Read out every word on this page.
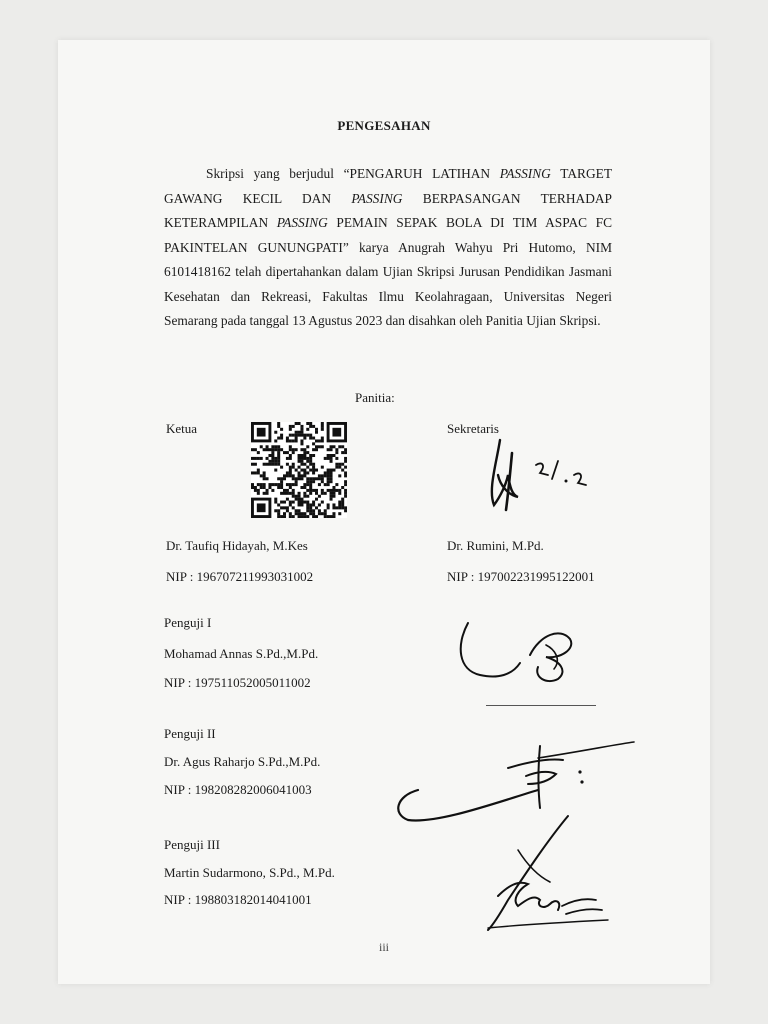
PENGESAHAN
Skripsi yang berjudul “PENGARUH LATIHAN PASSING TARGET GAWANG KECIL DAN PASSING BERPASANGAN TERHADAP KETERAMPILAN PASSING PEMAIN SEPAK BOLA DI TIM ASPAC FC PAKINTELAN GUNUNGPATI” karya Anugrah Wahyu Pri Hutomo, NIM 6101418162 telah dipertahankan dalam Ujian Skripsi Jurusan Pendidikan Jasmani Kesehatan dan Rekreasi, Fakultas Ilmu Keolahragaan, Universitas Negeri Semarang pada tanggal 13 Agustus 2023 dan disahkan oleh Panitia Ujian Skripsi.
Panitia:
Ketua
Dr. Taufiq Hidayah, M.Kes
NIP : 196707211993031002
Sekretaris
Dr. Rumini, M.Pd.
NIP : 197002231995122001
Penguji I
Mohamad Annas S.Pd.,M.Pd.
NIP : 197511052005011002
Penguji II
Dr. Agus Raharjo S.Pd.,M.Pd.
NIP : 198208282006041003
Penguji III
Martin Sudarmono, S.Pd., M.Pd.
NIP : 198803182014041001
iii
